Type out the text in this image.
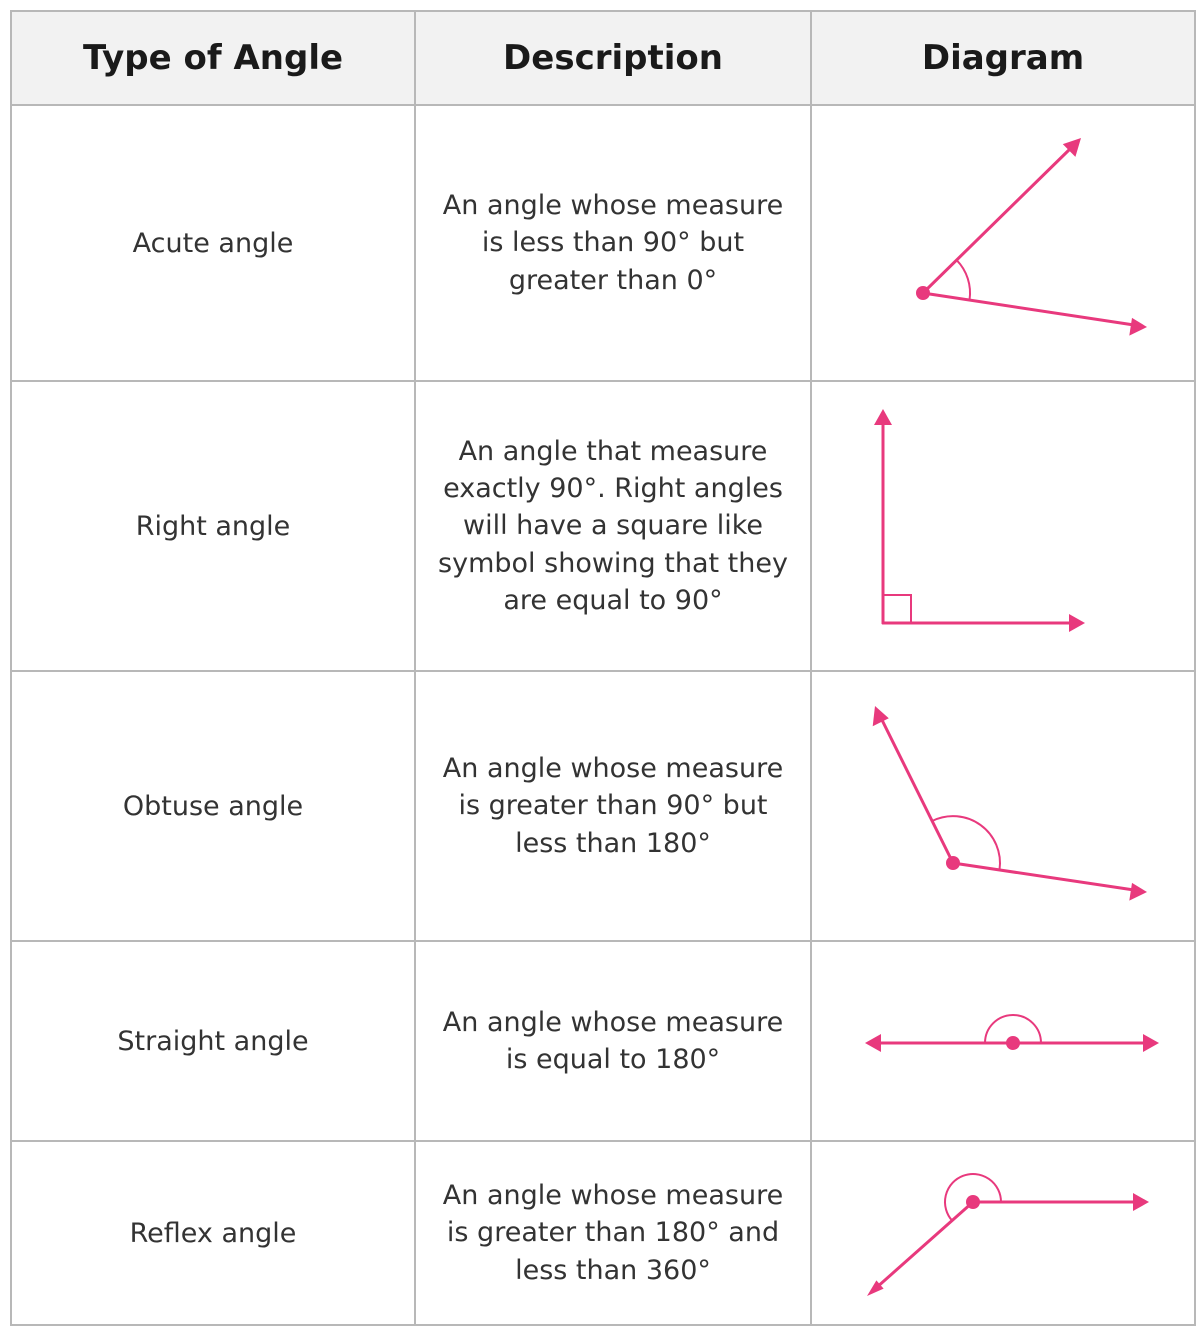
Type of Angle	Description	Diagram
Acute angle	An angle whose measure is less than 90° but greater than 0°	

Right angle	An angle that measure exactly 90°. Right angles will have a square like symbol showing that they are equal to 90°	

Obtuse angle	An angle whose measure is greater than 90° but less than 180°	

Straight angle	An angle whose measure is equal to 180°	

Reflex angle	An angle whose measure is greater than 180° and less than 360°	
